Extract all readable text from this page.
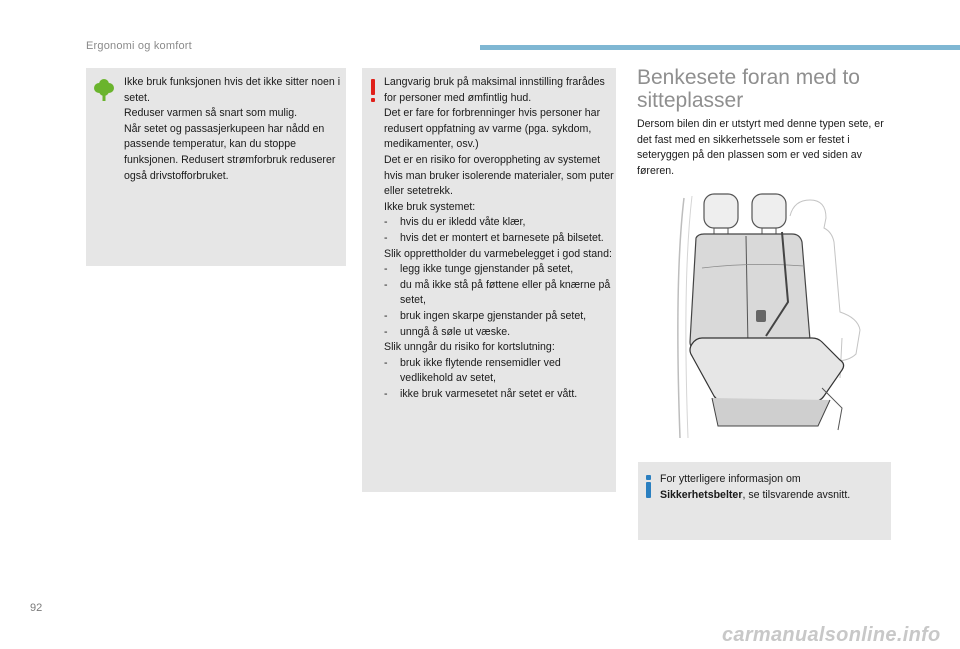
Ergonomi og komfort
Ikke bruk funksjonen hvis det ikke sitter noen i setet.
Reduser varmen så snart som mulig.
Når setet og passasjerkupeen har nådd en passende temperatur, kan du stoppe funksjonen. Redusert strømforbruk reduserer også drivstofforbruket.
Langvarig bruk på maksimal innstilling frarådes for personer med ømfintlig hud.
Det er fare for forbrenninger hvis personer har redusert oppfatning av varme (pga. sykdom, medikamenter, osv.)
Det er en risiko for overoppheting av systemet hvis man bruker isolerende materialer, som puter eller setetrekk.
Ikke bruk systemet:
- hvis du er ikledd våte klær,
- hvis det er montert et barnesete på bilsetet.
Slik opprettholder du varmebelegget i god stand:
- legg ikke tunge gjenstander på setet,
- du må ikke stå på føttene eller på knærne på setet,
- bruk ingen skarpe gjenstander på setet,
- unngå å søle ut væske.
Slik unngår du risiko for kortslutning:
- bruk ikke flytende rensemidler ved vedlikehold av setet,
- ikke bruk varmesetet når setet er vått.
Benkesete foran med to sitteplasser
Dersom bilen din er utstyrt med denne typen sete, er det fast med en sikkerhetssele som er festet i seteryggen på den plassen som er ved siden av føreren.
For ytterligere informasjon om Sikkerhetsbelter, se tilsvarende avsnitt.
92
carmanualsonline.info
